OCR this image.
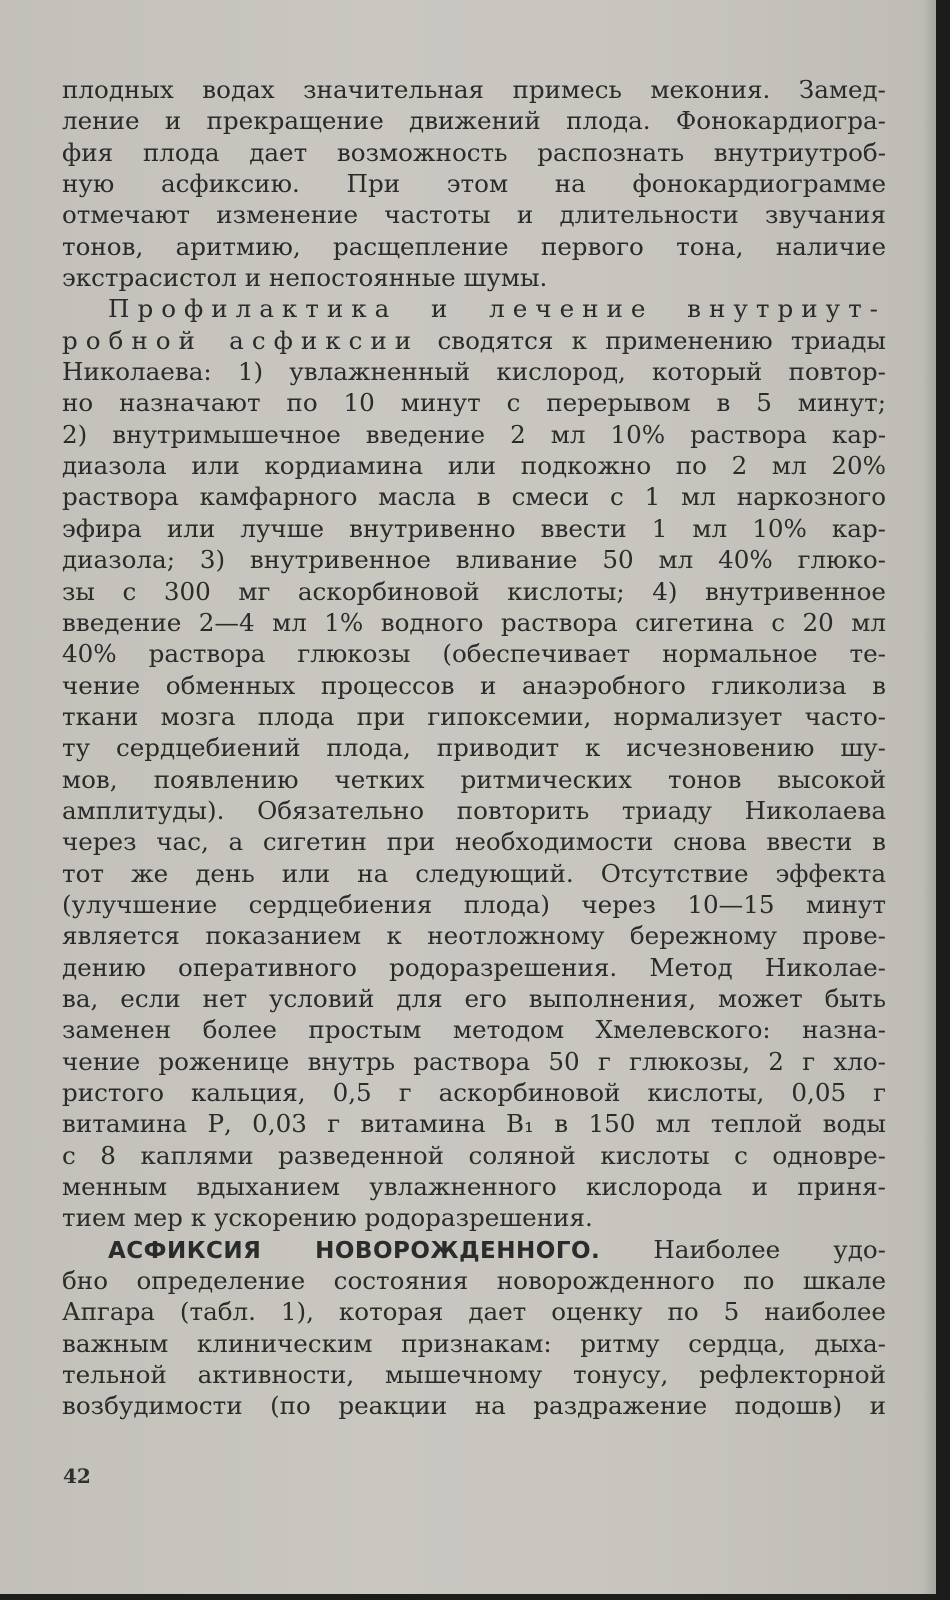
плодных водах значительная примесь мекония. Замед-
ление и прекращение движений плода. Фонокардиогра-
фия плода дает возможность распознать внутриутроб-
ную асфиксию. При этом на фонокардиограмме
отмечают изменение частоты и длительности звучания
тонов, аритмию, расщепление первого тона, наличие
экстрасистол и непостоянные шумы.
Профилактика и лечение внутриут-
робной асфиксии сводятся к применению триады
Николаева: 1) увлажненный кислород, который повтор-
но назначают по 10 минут с перерывом в 5 минут;
2) внутримышечное введение 2 мл 10% раствора кар-
диазола или кордиамина или подкожно по 2 мл 20%
раствора камфарного масла в смеси с 1 мл наркозного
эфира или лучше внутривенно ввести 1 мл 10% кар-
диазола; 3) внутривенное вливание 50 мл 40% глюко-
зы с 300 мг аскорбиновой кислоты; 4) внутривенное
введение 2—4 мл 1% водного раствора сигетина с 20 мл
40% раствора глюкозы (обеспечивает нормальное те-
чение обменных процессов и анаэробного гликолиза в
ткани мозга плода при гипоксемии, нормализует часто-
ту сердцебиений плода, приводит к исчезновению шу-
мов, появлению четких ритмических тонов высокой
амплитуды). Обязательно повторить триаду Николаева
через час, а сигетин при необходимости снова ввести в
тот же день или на следующий. Отсутствие эффекта
(улучшение сердцебиения плода) через 10—15 минут
является показанием к неотложному бережному прове-
дению оперативного родоразрешения. Метод Николае-
ва, если нет условий для его выполнения, может быть
заменен более простым методом Хмелевского: назна-
чение роженице внутрь раствора 50 г глюкозы, 2 г хло-
ристого кальция, 0,5 г аскорбиновой кислоты, 0,05 г
витамина Р, 0,03 г витамина B₁ в 150 мл теплой воды
с 8 каплями разведенной соляной кислоты с одновре-
менным вдыханием увлажненного кислорода и приня-
тием мер к ускорению родоразрешения.
АСФИКСИЯ НОВОРОЖДЕННОГО. Наиболее удо-
бно определение состояния новорожденного по шкале
Апгара (табл. 1), которая дает оценку по 5 наиболее
важным клиническим признакам: ритму сердца, дыха-
тельной активности, мышечному тонусу, рефлекторной
возбудимости (по реакции на раздражение подошв) и
42
